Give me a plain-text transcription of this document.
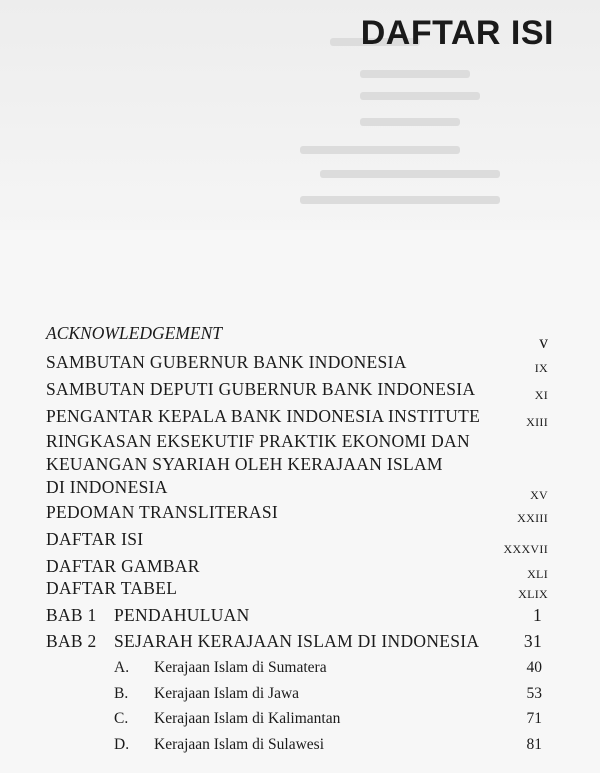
DAFTAR ISI
ACKNOWLEDGEMENT	v
SAMBUTAN GUBERNUR BANK INDONESIA	ix
SAMBUTAN DEPUTI GUBERNUR BANK INDONESIA	xi
PENGANTAR KEPALA BANK INDONESIA INSTITUTE	xiii
RINGKASAN EKSEKUTIF PRAKTIK EKONOMI DAN
KEUANGAN SYARIAH OLEH KERAJAAN ISLAM
DI INDONESIA	xv
PEDOMAN TRANSLITERASI	xxiii
DAFTAR ISI	xxxvii
DAFTAR GAMBAR	xli
DAFTAR TABEL	xlix
BAB 1 PENDAHULUAN	1
BAB 2 SEJARAH KERAJAAN ISLAM DI INDONESIA	31
A. Kerajaan Islam di Sumatera	40
B. Kerajaan Islam di Jawa	53
C. Kerajaan Islam di Kalimantan	71
D. Kerajaan Islam di Sulawesi	81
